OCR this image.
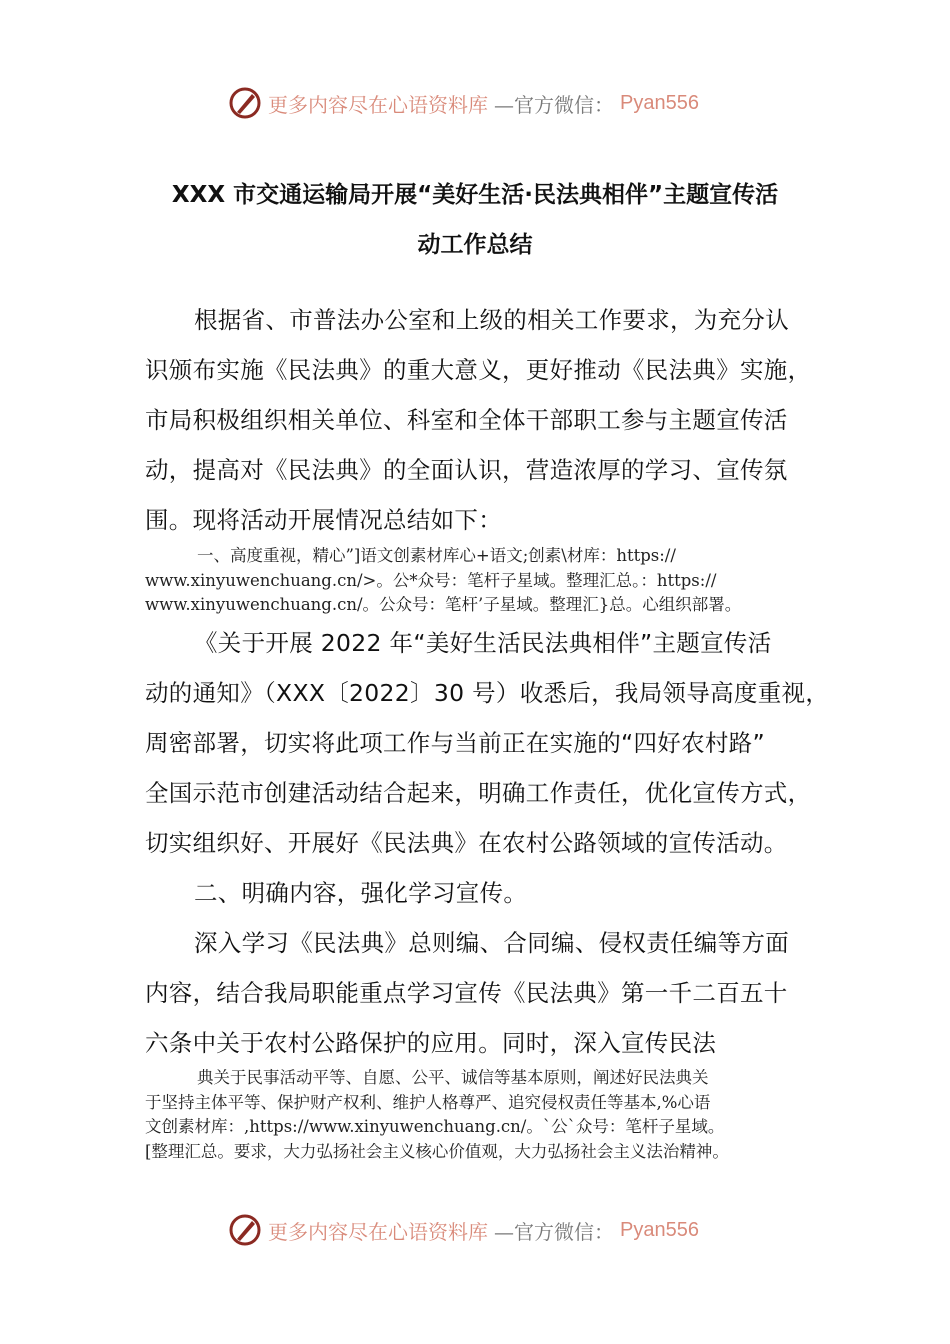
更多内容尽在心语资料库 —官方微信： Pyan556
XXX 市交通运输局开展“美好生活·民法典相伴”主题宣传活
动工作总结
根据省、市普法办公室和上级的相关工作要求，为充分认
识颁布实施《民法典》的重大意义，更好推动《民法典》实施，
市局积极组织相关单位、科室和全体干部职工参与主题宣传活
动，提高对《民法典》的全面认识，营造浓厚的学习、宣传氛
围。现将活动开展情况总结如下：
一、高度重视，精心”]语文创素材库心+语文;创素\材库：https://
www.xinyuwenchuang.cn/>。公*众号：笔杆子星域。整理汇总。：https://
www.xinyuwenchuang.cn/。公众号：笔杆’子星域。整理汇}总。心组织部署。
《关于开展 2022 年“美好生活民法典相伴”主题宣传活
动的通知》（XXX〔2022〕30 号）收悉后，我局领导高度重视，
周密部署，切实将此项工作与当前正在实施的“四好农村路”
全国示范市创建活动结合起来，明确工作责任，优化宣传方式，
切实组织好、开展好《民法典》在农村公路领域的宣传活动。
二、明确内容，强化学习宣传。
深入学习《民法典》总则编、合同编、侵权责任编等方面
内容，结合我局职能重点学习宣传《民法典》第一千二百五十
六条中关于农村公路保护的应用。同时，深入宣传民法
典关于民事活动平等、自愿、公平、诚信等基本原则，阐述好民法典关
于坚持主体平等、保护财产权利、维护人格尊严、追究侵权责任等基本,%心语
文创素材库：,https://www.xinyuwenchuang.cn/。`公`众号：笔杆子星域。
[整理汇总。要求，大力弘扬社会主义核心价值观，大力弘扬社会主义法治精神。
更多内容尽在心语资料库 —官方微信： Pyan556
